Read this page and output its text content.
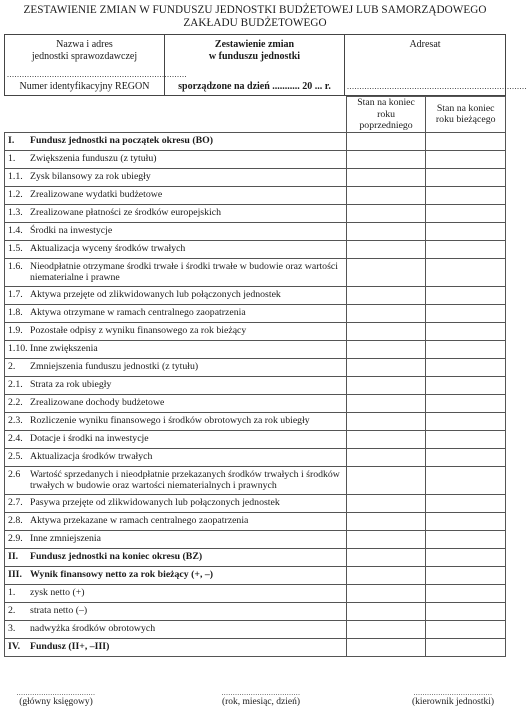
ZESTAWIENIE ZMIAN W FUNDUSZU JEDNOSTKI BUDŻETOWEJ LUB SAMORZĄDOWEGO ZAKŁADU BUDŻETOWEGO
Nazwa i adres
jednostki sprawozdawczej
........................................................................
Numer identyfikacyjny REGON
Zestawienie zmian
w funduszu jednostki
sporządzone na dzień ........... 20 ... r.
Adresat
........................................................................
	Stan na koniec roku poprzedniego	Stan na koniec roku bieżącego
I. Fundusz jednostki na początek okresu (BO)		
1. Zwiększenia funduszu (z tytułu)		
1.1. Zysk bilansowy za rok ubiegły		
1.2. Zrealizowane wydatki budżetowe		
1.3. Zrealizowane płatności ze środków europejskich		
1.4. Środki na inwestycje		
1.5. Aktualizacja wyceny środków trwałych		
1.6. Nieodpłatnie otrzymane środki trwałe i środki trwałe w budowie oraz wartości niematerialne i prawne		
1.7. Aktywa przejęte od zlikwidowanych lub połączonych jednostek		
1.8. Aktywa otrzymane w ramach centralnego zaopatrzenia		
1.9. Pozostałe odpisy z wyniku finansowego za rok bieżący		
1.10. Inne zwiększenia		
2. Zmniejszenia funduszu jednostki (z tytułu)		
2.1. Strata za rok ubiegły		
2.2. Zrealizowane dochody budżetowe		
2.3. Rozliczenie wyniku finansowego i środków obrotowych za rok ubiegły		
2.4. Dotacje i środki na inwestycje		
2.5. Aktualizacja środków trwałych		
2.6 Wartość sprzedanych i nieodpłatnie przekazanych środków trwałych i środków trwałych w budowie oraz wartości niematerialnych i prawnych		
2.7. Pasywa przejęte od zlikwidowanych lub połączonych jednostek		
2.8. Aktywa przekazane w ramach centralnego zaopatrzenia		
2.9. Inne zmniejszenia		
II. Fundusz jednostki na koniec okresu (BZ)		
III. Wynik finansowy netto za rok bieżący (+, –)		
1. zysk netto (+)		
2. strata netto (–)		
3. nadwyżka środków obrotowych		
IV. Fundusz (II+, –III)		
...................................
(główny księgowy)
...................................
(rok, miesiąc, dzień)
...................................
(kierownik jednostki)
